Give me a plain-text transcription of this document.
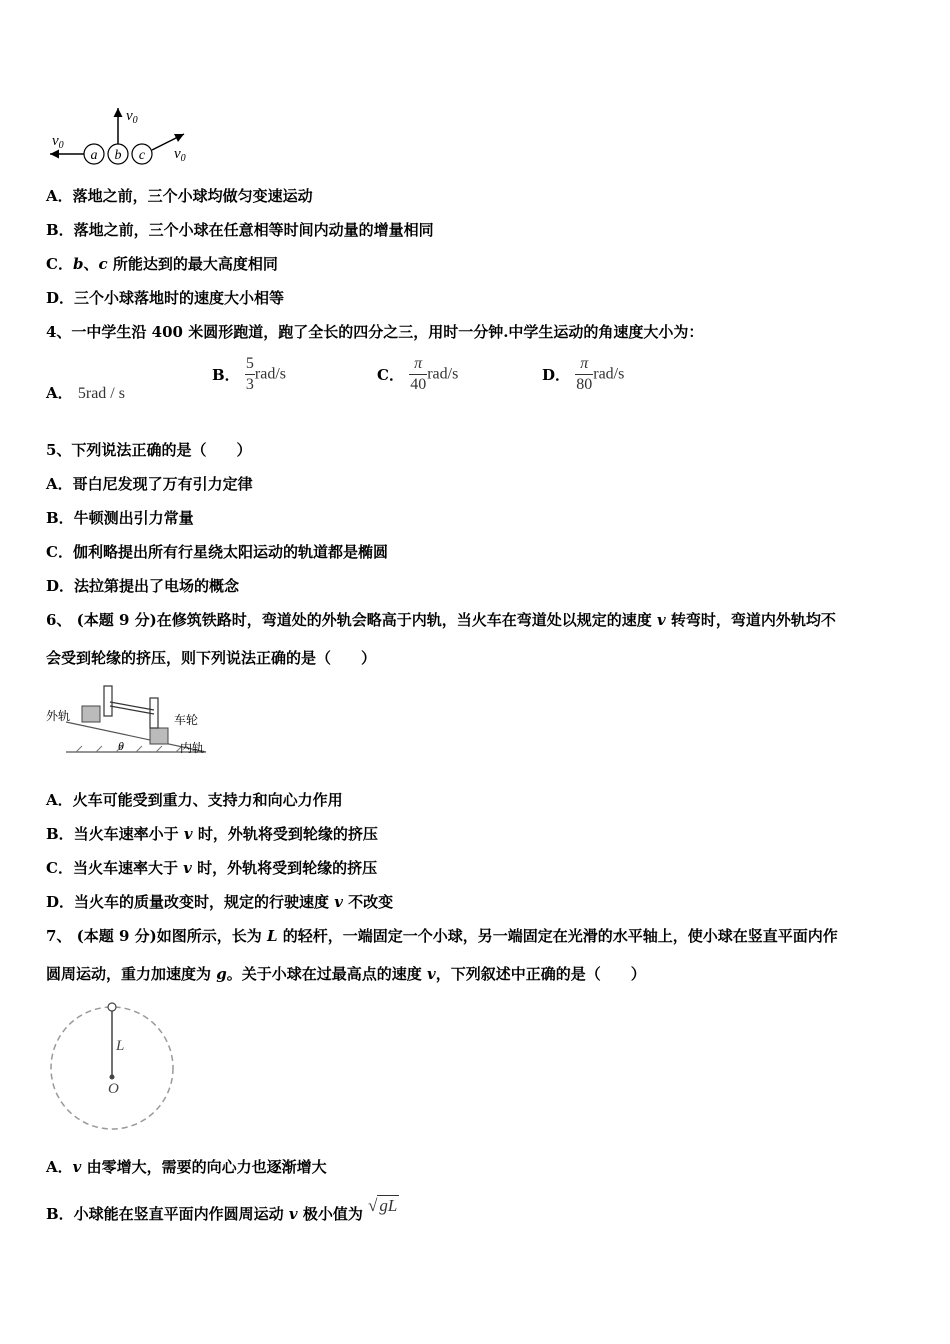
$v_0$
a b c
$v_0$
$v_0$
A．落地之前，三个小球均做匀变速运动
B．落地之前，三个小球在任意相等时间内动量的增量相同
C．b、c 所能达到的最大高度相同
D．三个小球落地时的速度大小相等
4、一中学生沿 400 米圆形跑道，跑了全长的四分之三，用时一分钟.中学生运动的角速度大小为：
A． 5rad / s
B． $\frac{5}{3} rad/s$	C． $\frac{\pi}{40} rad/s$	D． $\frac{\pi}{80} rad/s$
5、下列说法正确的是（　　）
A．哥白尼发现了万有引力定律
B．牛顿测出引力常量
C．伽利略提出所有行星绕太阳运动的轨道都是椭圆
D．法拉第提出了电场的概念
6、 (本题 9 分)在修筑铁路时，弯道处的外轨会略高于内轨，当火车在弯道处以规定的速度 v 转弯时，弯道内外轨均不
会受到轮缘的挤压，则下列说法正确的是（　　）
外轨	车轮
内轨
θ
A．火车可能受到重力、支持力和向心力作用
B．当火车速率小于 v 时，外轨将受到轮缘的挤压
C．当火车速率大于 v 时，外轨将受到轮缘的挤压
D．当火车的质量改变时，规定的行驶速度 v 不改变
7、 (本题 9 分)如图所示，长为 L 的轻杆，一端固定一个小球，另一端固定在光滑的水平轴上，使小球在竖直平面内作
圆周运动，重力加速度为 g。关于小球在过最高点的速度 v，下列叙述中正确的是（　　）
L
O
A．v 由零增大，需要的向心力也逐渐增大
B．小球能在竖直平面内作圆周运动 v 极小值为 √ gL
